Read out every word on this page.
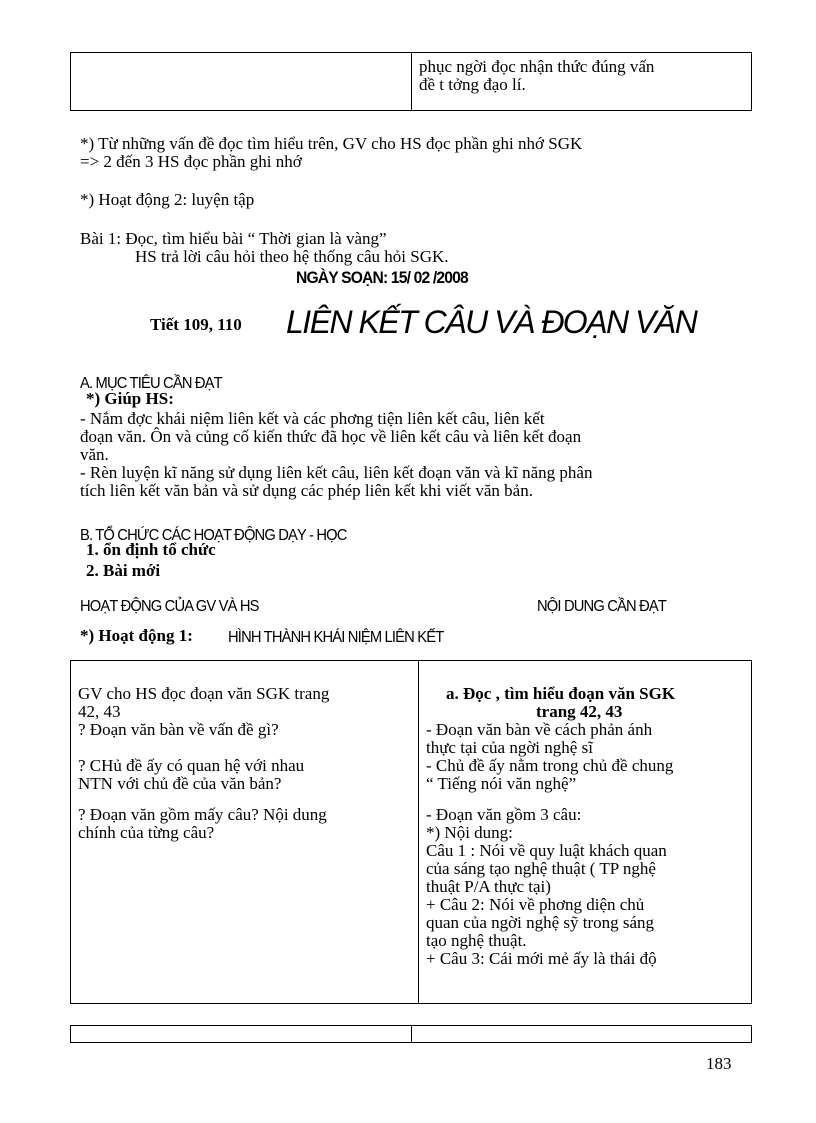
phục ngời đọc nhận thức đúng vấn
đề t tởng đạo lí.
*) Từ những vấn đề đọc tìm hiểu trên, GV cho HS đọc phần ghi nhớ SGK
=> 2 đến 3 HS đọc phần ghi nhớ
*) Hoạt động 2: luyện tập
Bài 1: Đọc, tìm hiểu bài “ Thời gian là vàng”
HS trả lời câu hỏi theo hệ thống câu hỏi SGK.
NGÀY SOẠN: 15/ 02 /2008
Tiết 109, 110 LIÊN KẾT CÂU VÀ ĐOẠN VĂN
A. MỤC TIÊU CẦN ĐẠT
*) Giúp HS:
- Nắm đợc khái niệm liên kết và các phơng tiện liên kết câu, liên kết
đoạn văn. Ôn và củng cố kiến thức đã học về liên kết câu và liên kết đoạn
văn.
- Rèn luyện kĩ năng sử dụng liên kết câu, liên kết đoạn văn và kĩ năng phân
tích liên kết văn bản và sử dụng các phép liên kết khi viết văn bản.
B. TỔ CHỨC CÁC HOẠT ĐỘNG DẠY - HỌC
1. ổn định tổ chức
2. Bài mới
HOẠT ĐỘNG CỦA GV VÀ HS	NỘI DUNG CẦN ĐẠT
*) Hoạt động 1: HÌNH THÀNH KHÁI NIỆM LIÊN KẾT
GV cho HS đọc đoạn văn SGK trang
42, 43
? Đoạn văn bàn về vấn đề gì?
? CHủ đề ấy có quan hệ với nhau
NTN với chủ đề của văn bản?
? Đoạn văn gồm mấy câu? Nội dung
chính của từng câu?

a. Đọc , tìm hiểu đoạn văn SGK
trang 42, 43
- Đoạn văn bàn về cách phản ánh
thực tại của ngời nghệ sĩ
- Chủ đề ấy nằm trong chủ đề chung
“ Tiếng nói văn nghệ”
- Đoạn văn gồm 3 câu:
*) Nội dung:
Câu 1 : Nói về quy luật khách quan
của sáng tạo nghệ thuật ( TP nghệ
thuật P/A thực tại)
+ Câu 2: Nói về phơng diện chủ
quan của ngời nghệ sỹ trong sáng
tạo nghệ thuật.
+ Câu 3: Cái mới mẻ ấy là thái độ

183
